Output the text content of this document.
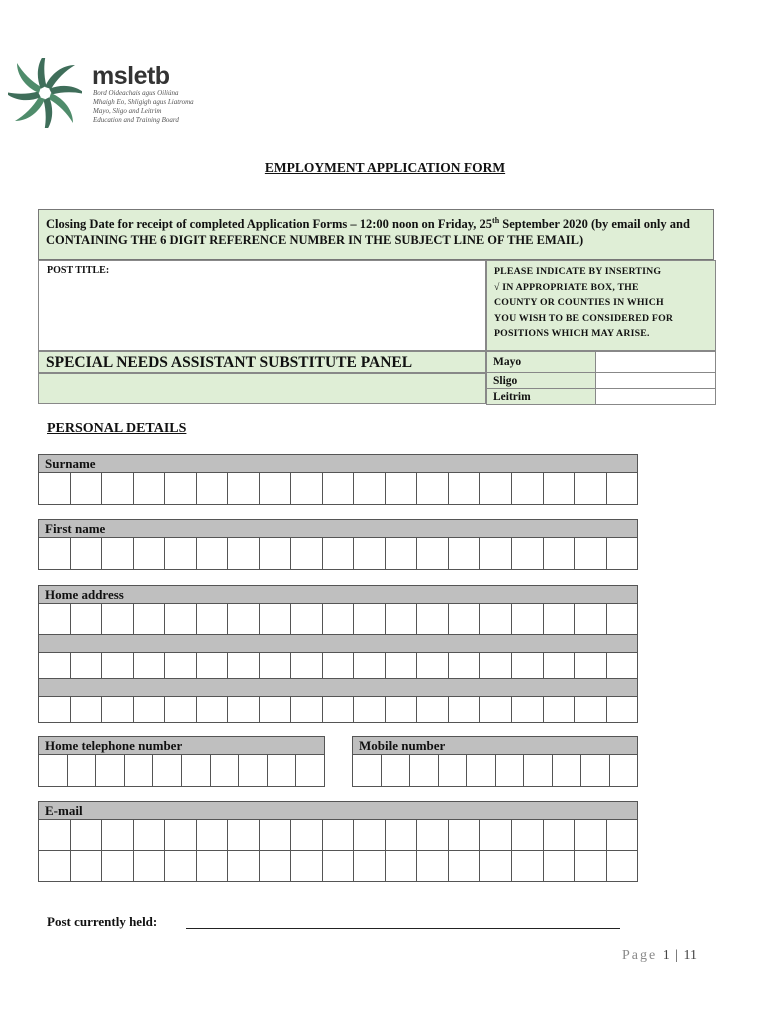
msletb
Bord Oideachais agus Oiliúna
Mhaigh Eo, Shligigh agus Liatroma
Mayo, Sligo and Leitrim
Education and Training Board
EMPLOYMENT APPLICATION FORM
Closing Date for receipt of completed Application Forms – 12:00 noon on Friday, 25th September 2020 (by email only and CONTAINING THE 6 DIGIT REFERENCE NUMBER IN THE SUBJECT LINE OF THE EMAIL)
POST TITLE:	PLEASE INDICATE BY INSERTING
√ IN APPROPRIATE BOX, THE
COUNTY OR COUNTIES IN WHICH
YOU WISH TO BE CONSIDERED FOR
POSITIONS WHICH MAY ARISE.
SPECIAL NEEDS ASSISTANT SUBSTITUTE PANEL	Mayo	
Sligo	
Leitrim	
PERSONAL DETAILS
Surname
First name
Home address
Home telephone number	Mobile number
E-mail
Post currently held:
Page 1 | 11
